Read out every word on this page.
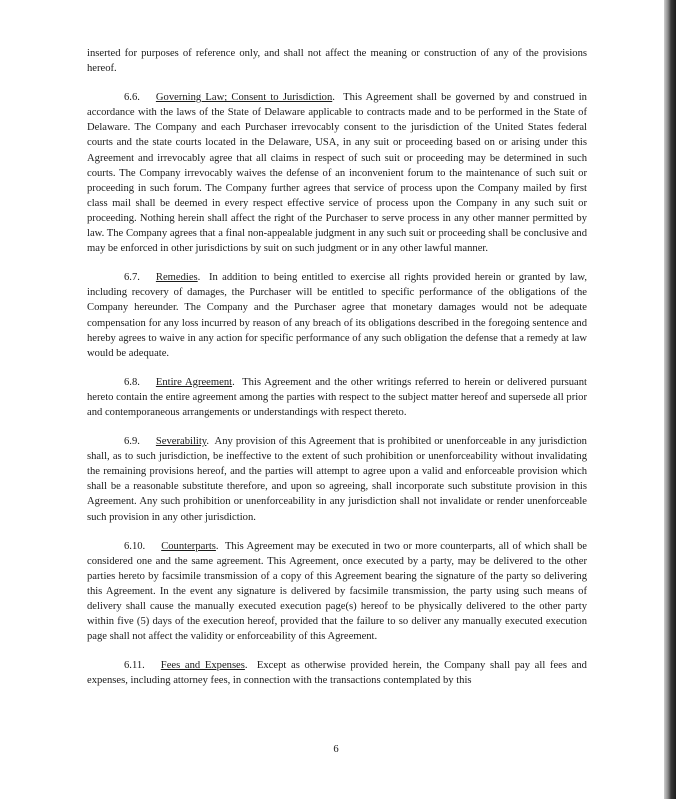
inserted for purposes of reference only, and shall not affect the meaning or construction of any of the provisions hereof.

6.6. Governing Law; Consent to Jurisdiction.  This Agreement shall be governed by and construed in accordance with the laws of the State of Delaware applicable to contracts made and to be performed in the State of Delaware. The Company and each Purchaser irrevocably consent to the jurisdiction of the United States federal courts and the state courts located in the Delaware, USA, in any suit or proceeding based on or arising under this Agreement and irrevocably agree that all claims in respect of such suit or proceeding may be determined in such courts. The Company irrevocably waives the defense of an inconvenient forum to the maintenance of such suit or proceeding in such forum. The Company further agrees that service of process upon the Company mailed by first class mail shall be deemed in every respect effective service of process upon the Company in any such suit or proceeding. Nothing herein shall affect the right of the Purchaser to serve process in any other manner permitted by law. The Company agrees that a final non-appealable judgment in any such suit or proceeding shall be conclusive and may be enforced in other jurisdictions by suit on such judgment or in any other lawful manner.

6.7. Remedies.  In addition to being entitled to exercise all rights provided herein or granted by law, including recovery of damages, the Purchaser will be entitled to specific performance of the obligations of the Company hereunder. The Company and the Purchaser agree that monetary damages would not be adequate compensation for any loss incurred by reason of any breach of its obligations described in the foregoing sentence and hereby agrees to waive in any action for specific performance of any such obligation the defense that a remedy at law would be adequate.

6.8. Entire Agreement.  This Agreement and the other writings referred to herein or delivered pursuant hereto contain the entire agreement among the parties with respect to the subject matter hereof and supersede all prior and contemporaneous arrangements or understandings with respect thereto.

6.9. Severability.  Any provision of this Agreement that is prohibited or unenforceable in any jurisdiction shall, as to such jurisdiction, be ineffective to the extent of such prohibition or unenforceability without invalidating the remaining provisions hereof, and the parties will attempt to agree upon a valid and enforceable provision which shall be a reasonable substitute therefore, and upon so agreeing, shall incorporate such substitute provision in this Agreement. Any such prohibition or unenforceability in any jurisdiction shall not invalidate or render unenforceable such provision in any other jurisdiction.

6.10. Counterparts.  This Agreement may be executed in two or more counterparts, all of which shall be considered one and the same agreement. This Agreement, once executed by a party, may be delivered to the other parties hereto by facsimile transmission of a copy of this Agreement bearing the signature of the party so delivering this Agreement. In the event any signature is delivered by facsimile transmission, the party using such means of delivery shall cause the manually executed execution page(s) hereof to be physically delivered to the other party within five (5) days of the execution hereof, provided that the failure to so deliver any manually executed execution page shall not affect the validity or enforceability of this Agreement.

6.11. Fees and Expenses.  Except as otherwise provided herein, the Company shall pay all fees and expenses, including attorney fees, in connection with the transactions contemplated by this

6
